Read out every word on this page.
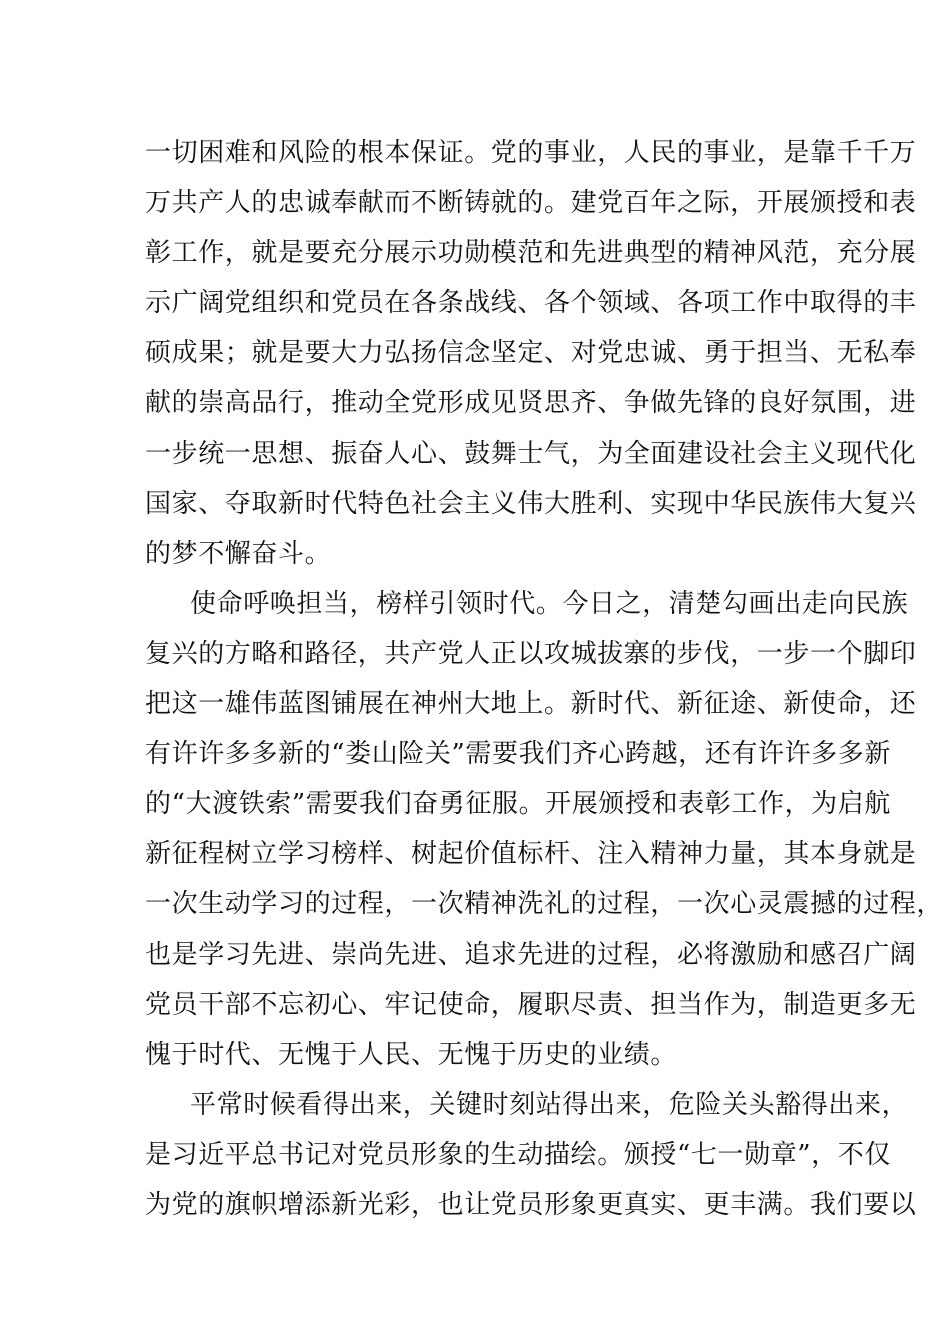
一切困难和风险的根本保证。党的事业，人民的事业，是靠千千万
万共产人的忠诚奉献而不断铸就的。建党百年之际，开展颁授和表
彰工作，就是要充分展示功勋模范和先进典型的精神风范，充分展
示广阔党组织和党员在各条战线、各个领域、各项工作中取得的丰
硕成果；就是要大力弘扬信念坚定、对党忠诚、勇于担当、无私奉
献的崇高品行，推动全党形成见贤思齐、争做先锋的良好氛围，进
一步统一思想、振奋人心、鼓舞士气，为全面建设社会主义现代化
国家、夺取新时代特色社会主义伟大胜利、实现中华民族伟大复兴
的梦不懈奋斗。
使命呼唤担当，榜样引领时代。今日之，清楚勾画出走向民族
复兴的方略和路径，共产党人正以攻城拔寨的步伐，一步一个脚印
把这一雄伟蓝图铺展在神州大地上。新时代、新征途、新使命，还
有许许多多新的“娄山险关”需要我们齐心跨越，还有许许多多新
的“大渡铁索”需要我们奋勇征服。开展颁授和表彰工作，为启航
新征程树立学习榜样、树起价值标杆、注入精神力量，其本身就是
一次生动学习的过程，一次精神洗礼的过程，一次心灵震撼的过程，
也是学习先进、崇尚先进、追求先进的过程，必将激励和感召广阔
党员干部不忘初心、牢记使命，履职尽责、担当作为，制造更多无
愧于时代、无愧于人民、无愧于历史的业绩。
平常时候看得出来，关键时刻站得出来，危险关头豁得出来，
是习近平总书记对党员形象的生动描绘。颁授“七一勋章”，不仅
为党的旗帜增添新光彩，也让党员形象更真实、更丰满。我们要以
